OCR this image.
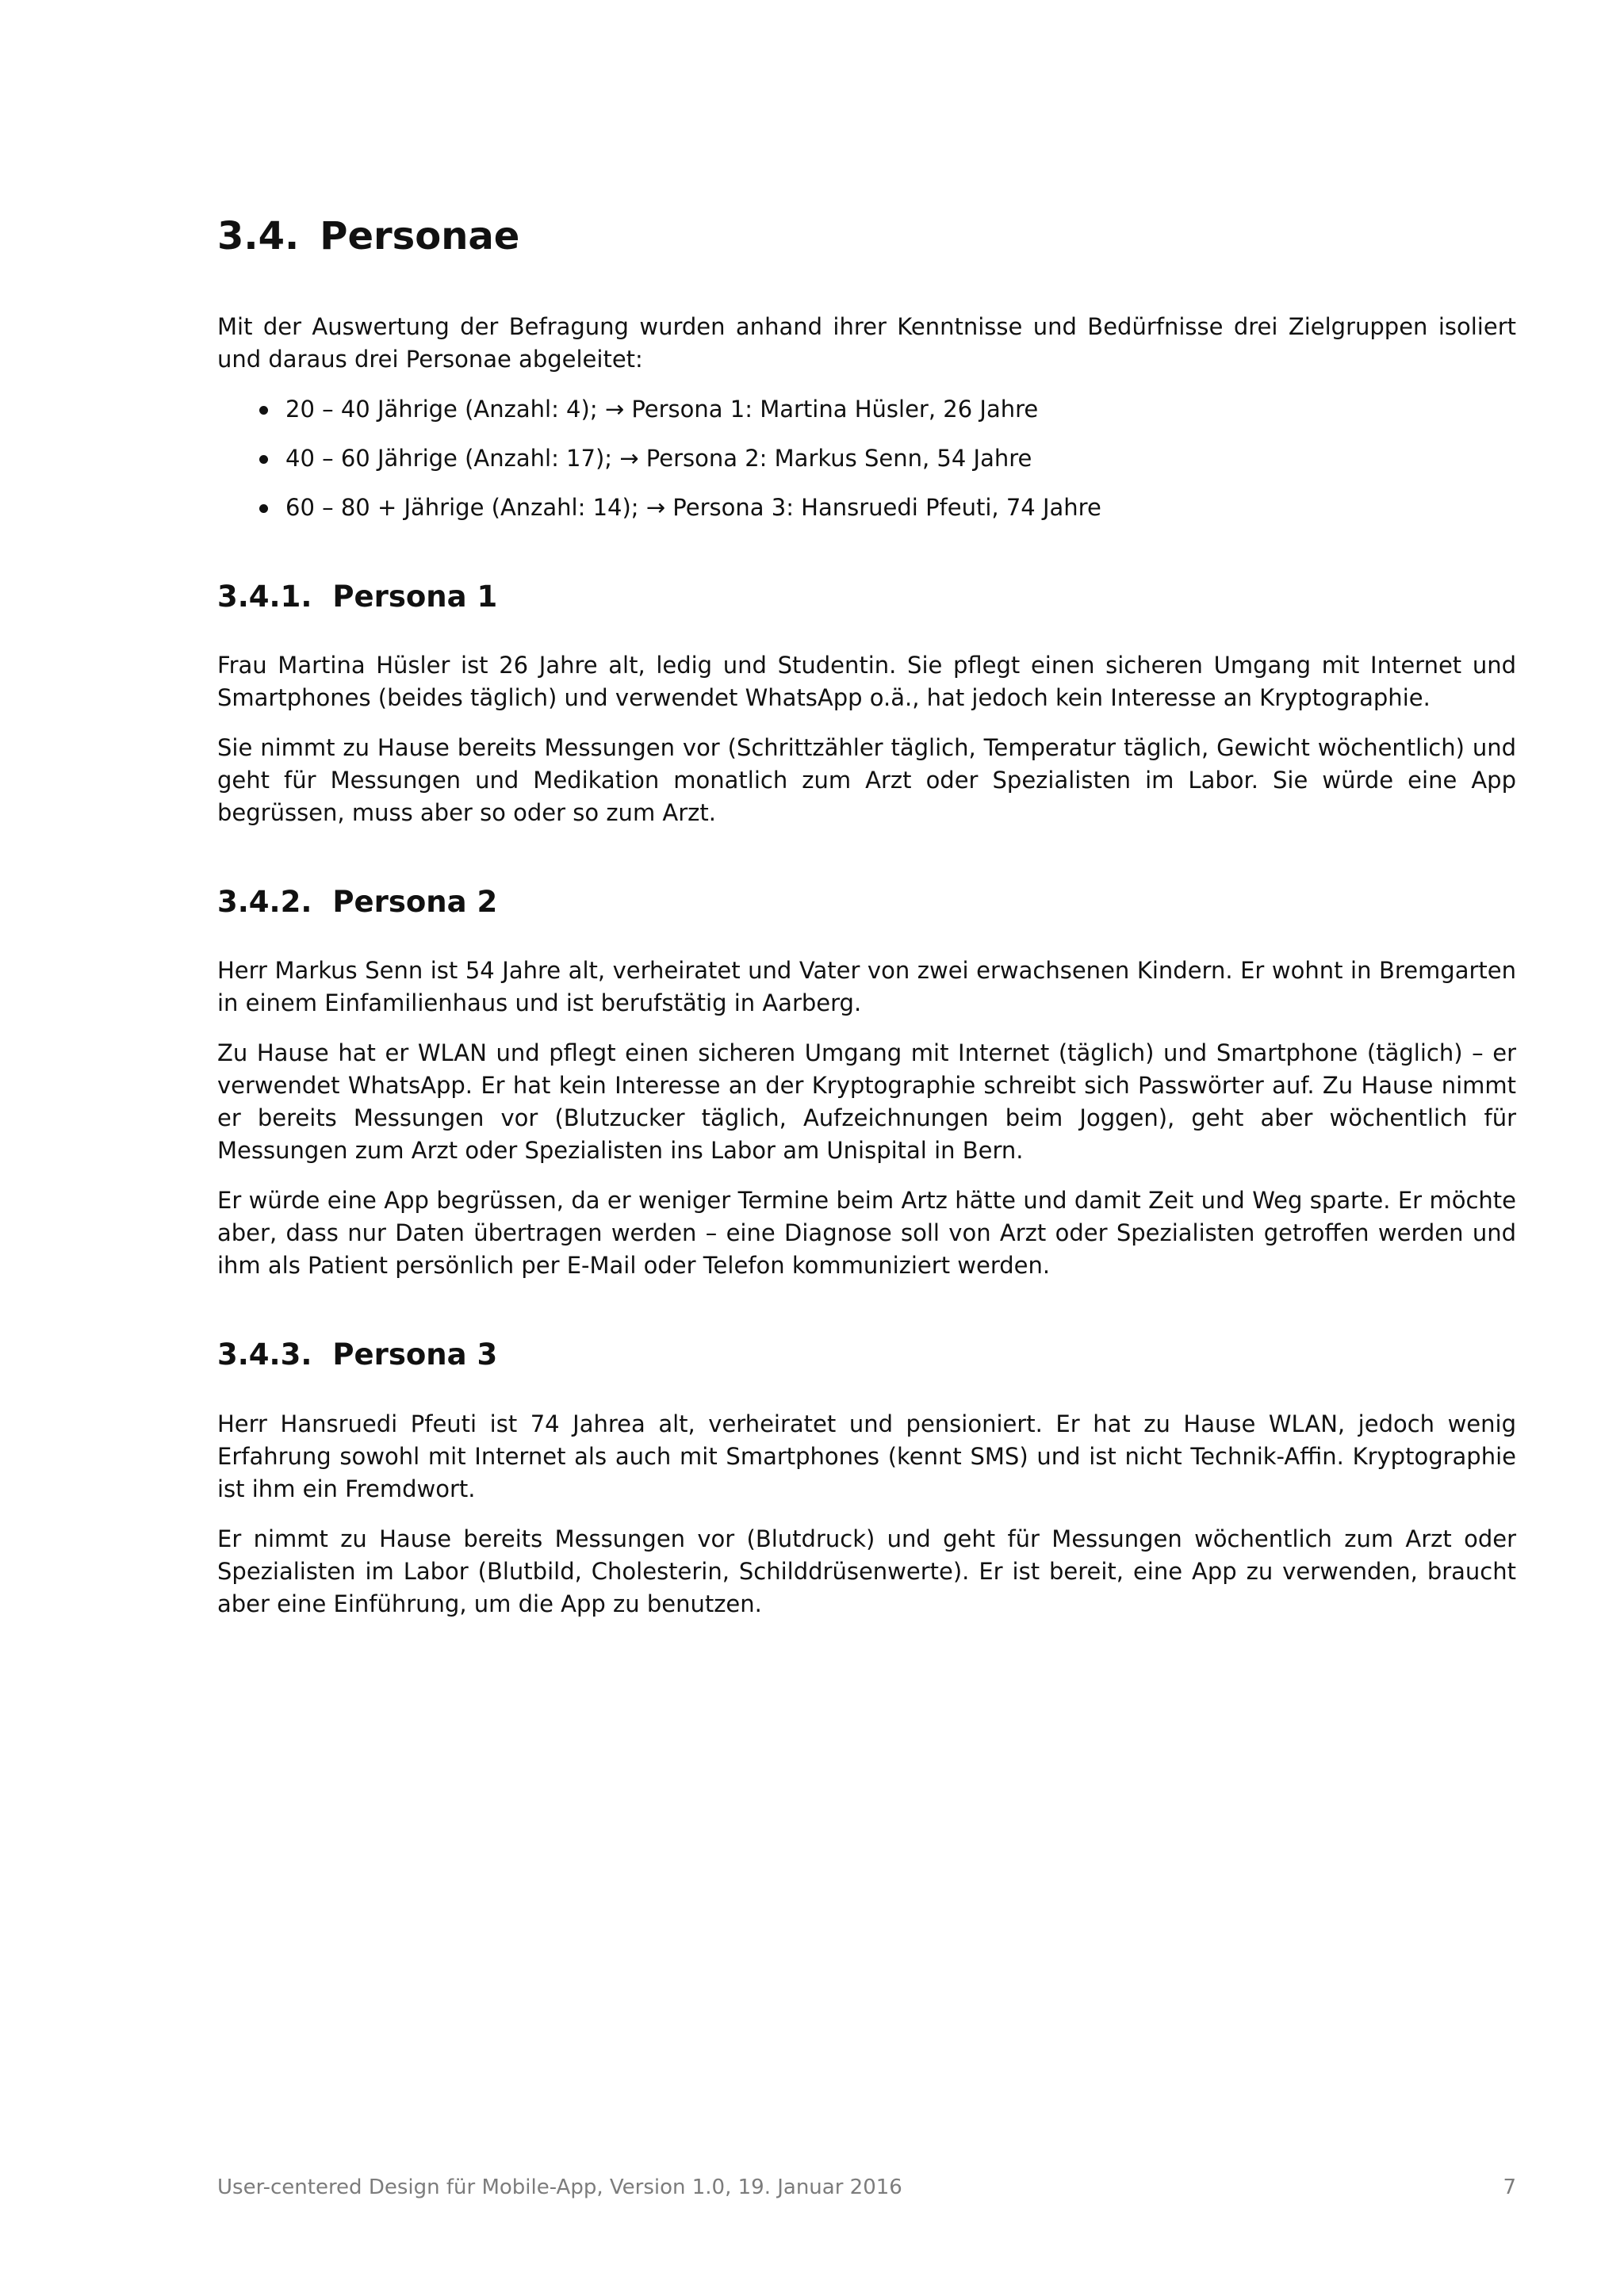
3.4. Personae

Mit der Auswertung der Befragung wurden anhand ihrer Kenntnisse und Bedürfnisse drei Zielgruppen isoliert und daraus drei Personae abgeleitet:

20 – 40 Jährige (Anzahl: 4); → Persona 1: Martina Hüsler, 26 Jahre
40 – 60 Jährige (Anzahl: 17); → Persona 2: Markus Senn, 54 Jahre
60 – 80 + Jährige (Anzahl: 14); → Persona 3: Hansruedi Pfeuti, 74 Jahre
3.4.1. Persona 1

Frau Martina Hüsler ist 26 Jahre alt, ledig und Studentin. Sie pflegt einen sicheren Umgang mit Internet und Smartphones (beides täglich) und verwendet WhatsApp o.ä., hat jedoch kein Interesse an Kryptographie.

Sie nimmt zu Hause bereits Messungen vor (Schrittzähler täglich, Temperatur täglich, Gewicht wöchentlich) und geht für Messungen und Medikation monatlich zum Arzt oder Spezialisten im Labor. Sie würde eine App begrüssen, muss aber so oder so zum Arzt.

3.4.2. Persona 2

Herr Markus Senn ist 54 Jahre alt, verheiratet und Vater von zwei erwachsenen Kindern. Er wohnt in Bremgarten in einem Einfamilienhaus und ist berufstätig in Aarberg.

Zu Hause hat er WLAN und pflegt einen sicheren Umgang mit Internet (täglich) und Smartphone (täglich) – er verwendet WhatsApp. Er hat kein Interesse an der Kryptographie schreibt sich Passwörter auf. Zu Hause nimmt er bereits Messungen vor (Blutzucker täglich, Aufzeichnungen beim Joggen), geht aber wöchentlich für Messungen zum Arzt oder Spezialisten ins Labor am Unispital in Bern.

Er würde eine App begrüssen, da er weniger Termine beim Artz hätte und damit Zeit und Weg sparte. Er möchte aber, dass nur Daten übertragen werden – eine Diagnose soll von Arzt oder Spezialisten getroffen werden und ihm als Patient persönlich per E-Mail oder Telefon kommuniziert werden.

3.4.3. Persona 3

Herr Hansruedi Pfeuti ist 74 Jahrea alt, verheiratet und pensioniert. Er hat zu Hause WLAN, jedoch wenig Erfahrung sowohl mit Internet als auch mit Smartphones (kennt SMS) und ist nicht Technik-Affin. Kryptographie ist ihm ein Fremdwort.

Er nimmt zu Hause bereits Messungen vor (Blutdruck) und geht für Messungen wöchentlich zum Arzt oder Spezialisten im Labor (Blutbild, Cholesterin, Schilddrüsenwerte). Er ist bereit, eine App zu verwenden, braucht aber eine Einführung, um die App zu benutzen.

User-centered Design für Mobile-App, Version 1.0, 19. Januar 2016	7
